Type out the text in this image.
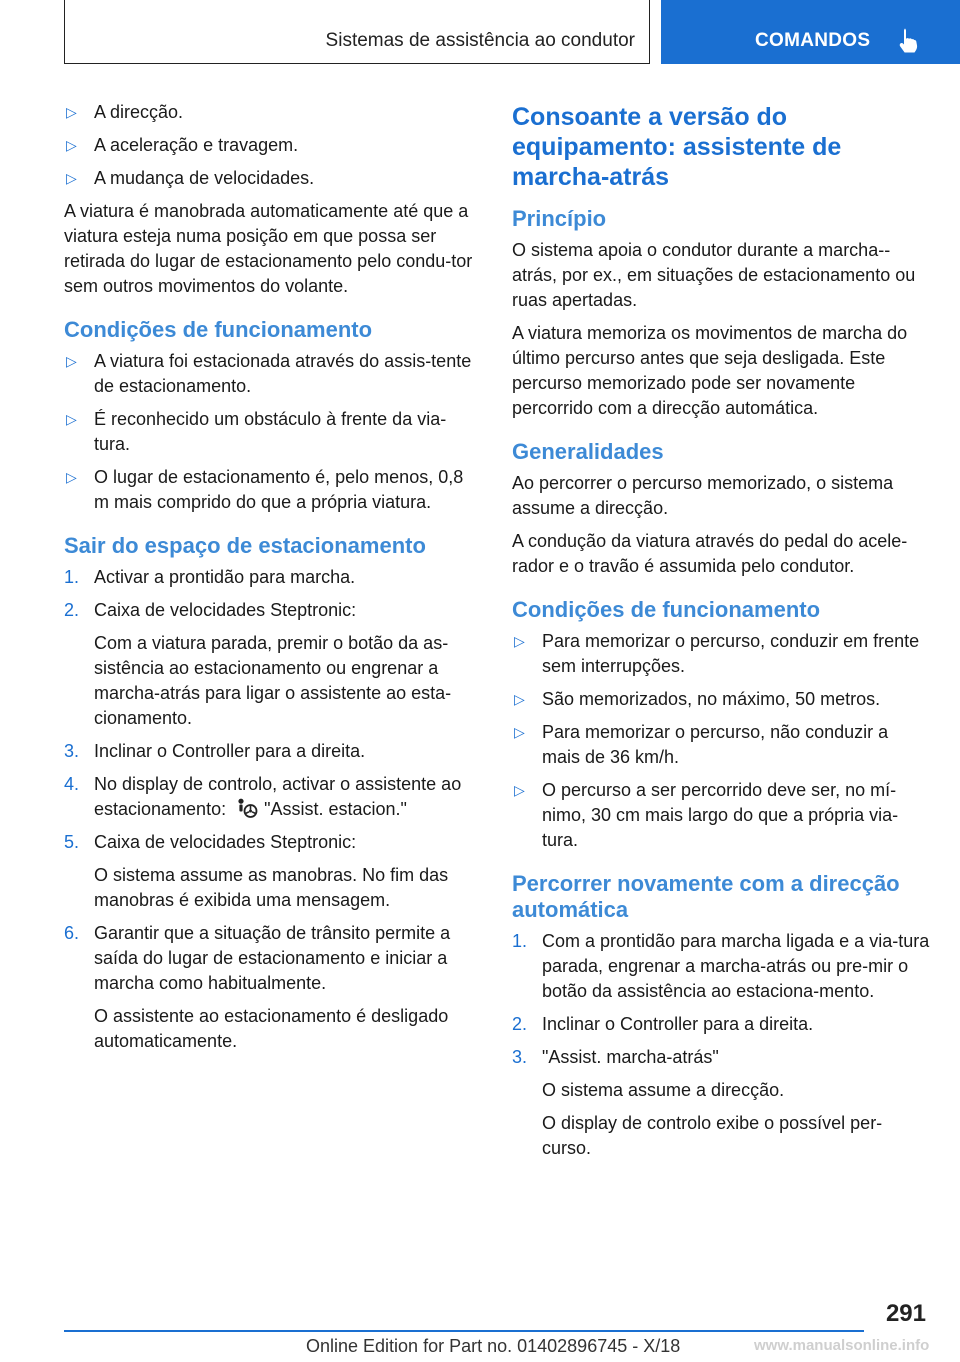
Sistemas de assistência ao condutor	COMANDOS
▷ A direcção.
▷ A aceleração e travagem.
▷ A mudança de velocidades.

A viatura é manobrada automaticamente até que a viatura esteja numa posição em que possa ser retirada do lugar de estacionamento pelo condu-tor sem outros movimentos do volante.

Condições de funcionamento
▷ A viatura foi estacionada através do assis-tente de estacionamento.
▷ É reconhecido um obstáculo à frente da via-tura.
▷ O lugar de estacionamento é, pelo menos, 0,8 m mais comprido do que a própria viatura.
Sair do espaço de estacionamento
1. Activar a prontidão para marcha.
2. Caixa de velocidades Steptronic:
Com a viatura parada, premir o botão da as-sistência ao estacionamento ou engrenar a marcha-atrás para ligar o assistente ao esta-cionamento.
3. Inclinar o Controller para a direita.
4. No display de controlo, activar o assistente ao estacionamento: "Assist. estacion."
5. Caixa de velocidades Steptronic:
O sistema assume as manobras. No fim das manobras é exibida uma mensagem.
6. Garantir que a situação de trânsito permite a saída do lugar de estacionamento e iniciar a marcha como habitualmente.
O assistente ao estacionamento é desligado automaticamente.
Consoante a versão do equipamento: assistente de marcha-atrás
Princípio

O sistema apoia o condutor durante a marcha--atrás, por ex., em situações de estacionamento ou ruas apertadas.

A viatura memoriza os movimentos de marcha do último percurso antes que seja desligada. Este percurso memorizado pode ser novamente percorrido com a direcção automática.

Generalidades

Ao percorrer o percurso memorizado, o sistema assume a direcção.

A condução da viatura através do pedal do acele-rador e o travão é assumida pelo condutor.

Condições de funcionamento
▷ Para memorizar o percurso, conduzir em frente sem interrupções.
▷ São memorizados, no máximo, 50 metros.
▷ Para memorizar o percurso, não conduzir a mais de 36 km/h.
▷ O percurso a ser percorrido deve ser, no mí-nimo, 30 cm mais largo do que a própria via-tura.
Percorrer novamente com a direcção automática
1. Com a prontidão para marcha ligada e a via-tura parada, engrenar a marcha-atrás ou pre-mir o botão da assistência ao estaciona-mento.
2. Inclinar o Controller para a direita.
3. "Assist. marcha-atrás"
O sistema assume a direcção.
O display de controlo exibe o possível per-curso.
291
Online Edition for Part no. 01402896745 - X/18	www.manualsonline.info
